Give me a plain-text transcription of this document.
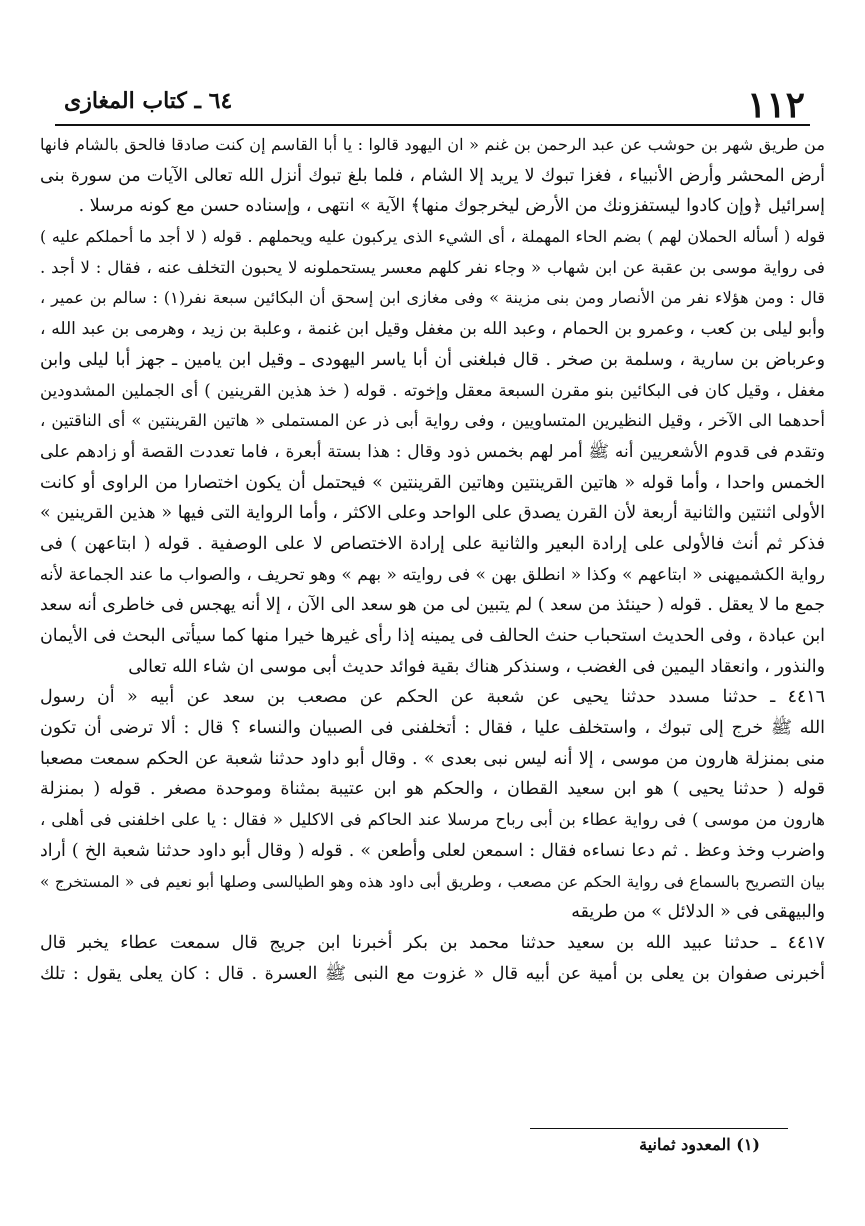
١١٢
٦٤ ـ كتاب المغازى
من طريق شهر بن حوشب عن عبد الرحمن بن غنم « ان اليهود قالوا : يا أبا القاسم إن كنت صادقا فالحق بالشام فانها
أرض المحشر وأرض الأنبياء ، فغزا تبوك لا يريد إلا الشام ، فلما بلغ تبوك أنزل الله تعالى الآيات من سورة بنى
إسرائيل ﴿وإن كادوا ليستفزونك من الأرض ليخرجوك منها﴾ الآية » انتهى ، وإسناده حسن مع كونه مرسلا .
قوله ( أسأله الحملان لهم ) بضم الحاء المهملة ، أى الشيء الذى يركبون عليه ويحملهم . قوله ( لا أجد ما أحملكم عليه )
فى رواية موسى بن عقبة عن ابن شهاب « وجاء نفر كلهم معسر يستحملونه لا يحبون التخلف عنه ، فقال : لا أجد .
قال : ومن هؤلاء نفر من الأنصار ومن بنى مزينة » وفى مغازى ابن إسحق أن البكائين سبعة نفر(١) : سالم بن عمير ،
وأبو ليلى بن كعب ، وعمرو بن الحمام ، وعبد الله بن مغفل وقيل ابن غنمة ، وعلبة بن زيد ، وهرمى بن عبد الله ،
وعرباض بن سارية ، وسلمة بن صخر . قال فبلغنى أن أبا ياسر اليهودى ـ وقيل ابن يامين ـ جهز أبا ليلى وابن
مغفل ، وقيل كان فى البكائين بنو مقرن السبعة معقل وإخوته . قوله ( خذ هذين القرينين ) أى الجملين المشدودين
أحدهما الى الآخر ، وقيل النظيرين المتساويين ، وفى رواية أبى ذر عن المستملى « هاتين القرينتين » أى الناقتين ،
وتقدم فى قدوم الأشعريين أنه ﷺ أمر لهم بخمس ذود وقال : هذا بستة أبعرة ، فاما تعددت القصة أو زادهم على
الخمس واحدا ، وأما قوله « هاتين القرينتين وهاتين القرينتين » فيحتمل أن يكون اختصارا من الراوى أو كانت
الأولى اثنتين والثانية أربعة لأن القرن يصدق على الواحد وعلى الاكثر ، وأما الرواية التى فيها « هذين القرينين »
فذكر ثم أنث فالأولى على إرادة البعير والثانية على إرادة الاختصاص لا على الوصفية . قوله ( ابتاعهن ) فى
رواية الكشميهنى « ابتاعهم » وكذا « انطلق بهن » فى روايته « بهم » وهو تحريف ، والصواب ما عند الجماعة لأنه
جمع ما لا يعقل . قوله ( حينئذ من سعد ) لم يتبين لى من هو سعد الى الآن ، إلا أنه يهجس فى خاطرى أنه سعد
ابن عبادة ، وفى الحديث استحباب حنث الحالف فى يمينه إذا رأى غيرها خيرا منها كما سيأتى البحث فى الأيمان
والنذور ، وانعقاد اليمين فى الغضب ، وسنذكر هناك بقية فوائد حديث أبى موسى ان شاء الله تعالى
٤٤١٦ ـ حدثنا مسدد حدثنا يحيى عن شعبة عن الحكم عن مصعب بن سعد عن أبيه « أن رسول
الله ﷺ خرج إلى تبوك ، واستخلف عليا ، فقال : أتخلفنى فى الصبيان والنساء ؟ قال : ألا ترضى أن تكون
منى بمنزلة هارون من موسى ، إلا أنه ليس نبى بعدى » . وقال أبو داود حدثنا شعبة عن الحكم سمعت مصعبا
قوله ( حدثنا يحيى ) هو ابن سعيد القطان ، والحكم هو ابن عتيبة بمثناة وموحدة مصغر . قوله ( بمنزلة
هارون من موسى ) فى رواية عطاء بن أبى رباح مرسلا عند الحاكم فى الاكليل « فقال : يا على اخلفنى فى أهلى ،
واضرب وخذ وعظ . ثم دعا نساءه فقال : اسمعن لعلى وأطعن » . قوله ( وقال أبو داود حدثنا شعبة الخ ) أراد
بيان التصريح بالسماع فى رواية الحكم عن مصعب ، وطريق أبى داود هذه وهو الطيالسى وصلها أبو نعيم فى « المستخرج »
والبيهقى فى « الدلائل » من طريقه
٤٤١٧ ـ حدثنا عبيد الله بن سعيد حدثنا محمد بن بكر أخبرنا ابن جريج قال سمعت عطاء يخبر قال
أخبرنى صفوان بن يعلى بن أمية عن أبيه قال « غزوت مع النبى ﷺ العسرة . قال : كان يعلى يقول : تلك
(١) المعدود ثمانية
